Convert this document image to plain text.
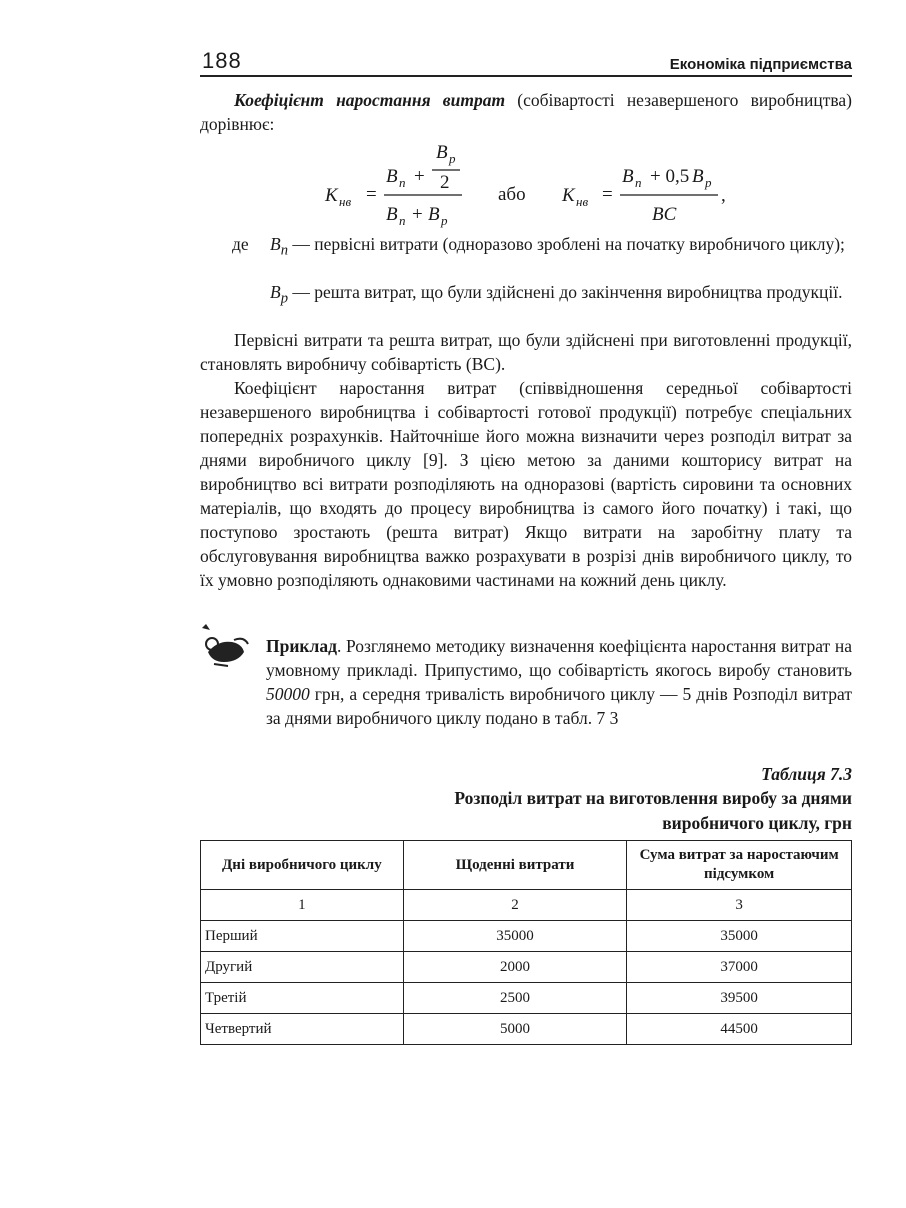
188	Економіка підприємства

Коефіцієнт наростання витрат (собівартості незавершеного виробництва) дорівнює:

K нв =
B п +
B р
2
B п + B р
або K нв =
B п + 0,5 B р
BC
,
де $B_п$ — первісні витрати (одноразово зроблені на початку виробничого циклу);

$B_р$ — решта витрат, що були здійснені до закінчення виробництва продукції.

Первісні витрати та решта витрат, що були здійснені при виготовленні продукції, становлять виробничу собівартість (ВС).

Коефіцієнт наростання витрат (співвідношення середньої собівартості незавершеного виробництва і собівартості готової продукції) потребує спеціальних попередніх розрахунків. Найточніше його можна визначити через розподіл витрат за днями виробничого циклу [9]. З цією метою за даними кошторису витрат на виробництво всі витрати розподіляють на одноразові (вартість сировини та основних матеріалів, що входять до процесу виробництва із самого його початку) і такі, що поступово зростають (решта витрат) Якщо витрати на заробітну плату та обслуговування виробництва важко розрахувати в розрізі днів виробничого циклу, то їх умовно розподіляють однаковими частинами на кожний день циклу.

Приклад. Розглянемо методику визначення коефіцієнта наростання витрат на умовному прикладі. Припустимо, що собівартість якогось виробу становить 50000 грн, а середня тривалість виробничого циклу — 5 днів Розподіл витрат за днями виробничого циклу подано в табл. 7 3

Таблиця 7.3

Розподіл витрат на виготовлення виробу за днями виробничого циклу, грн

Дні виробничого циклу	Щоденні витрати	Сума витрат за наростаючим підсумком
1	2	3
Перший	35000	35000
Другий	2000	37000
Третій	2500	39500
Четвертий	5000	44500
